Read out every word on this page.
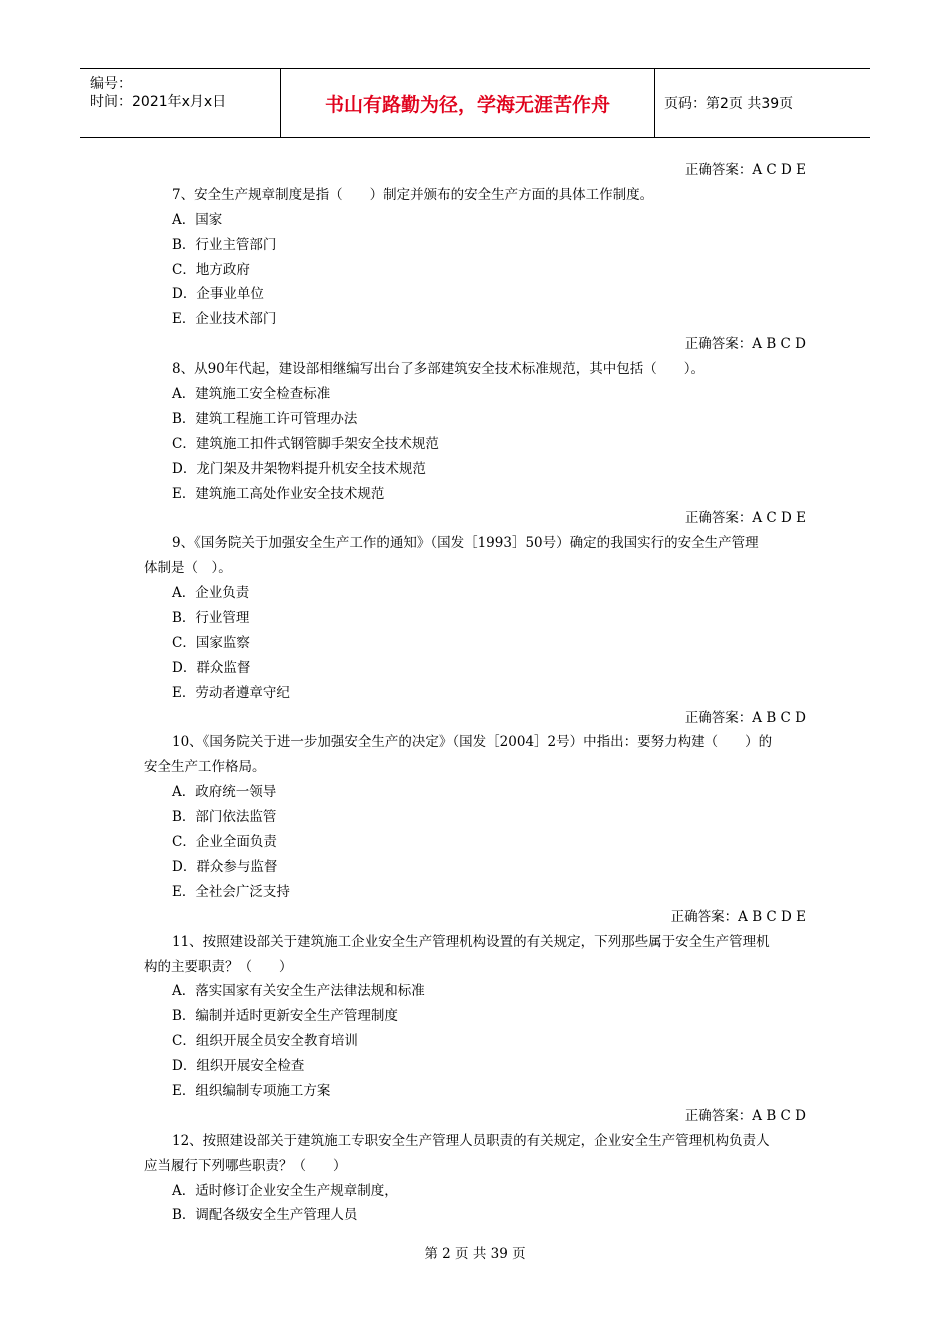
编号：
时间：2021年x月x日	书山有路勤为径，学海无涯苦作舟	页码：第2页 共39页
正确答案：A C D E
7、安全生产规章制度是指（　　）制定并颁布的安全生产方面的具体工作制度。
A．国家
B．行业主管部门
C．地方政府
D．企事业单位
E．企业技术部门
正确答案：A B C D
8、从90年代起，建设部相继编写出台了多部建筑安全技术标准规范，其中包括（　　）。
A．建筑施工安全检查标准
B．建筑工程施工许可管理办法
C．建筑施工扣件式钢管脚手架安全技术规范
D．龙门架及井架物料提升机安全技术规范
E．建筑施工高处作业安全技术规范
正确答案：A C D E
9、《国务院关于加强安全生产工作的通知》（国发［1993］50号）确定的我国实行的安全生产管理
体制是（　）。
A．企业负责
B．行业管理
C．国家监察
D．群众监督
E．劳动者遵章守纪
正确答案：A B C D
10、《国务院关于进一步加强安全生产的决定》（国发［2004］2号）中指出：要努力构建（　　）的
安全生产工作格局。
A．政府统一领导
B．部门依法监管
C．企业全面负责
D．群众参与监督
E．全社会广泛支持
正确答案：A B C D E
11、按照建设部关于建筑施工企业安全生产管理机构设置的有关规定，下列那些属于安全生产管理机
构的主要职责？（　　）
A．落实国家有关安全生产法律法规和标准
B．编制并适时更新安全生产管理制度
C．组织开展全员安全教育培训
D．组织开展安全检查
E．组织编制专项施工方案
正确答案：A B C D
12、按照建设部关于建筑施工专职安全生产管理人员职责的有关规定，企业安全生产管理机构负责人
应当履行下列哪些职责？（　　）
A．适时修订企业安全生产规章制度，
B．调配各级安全生产管理人员
第 2 页 共 39 页
